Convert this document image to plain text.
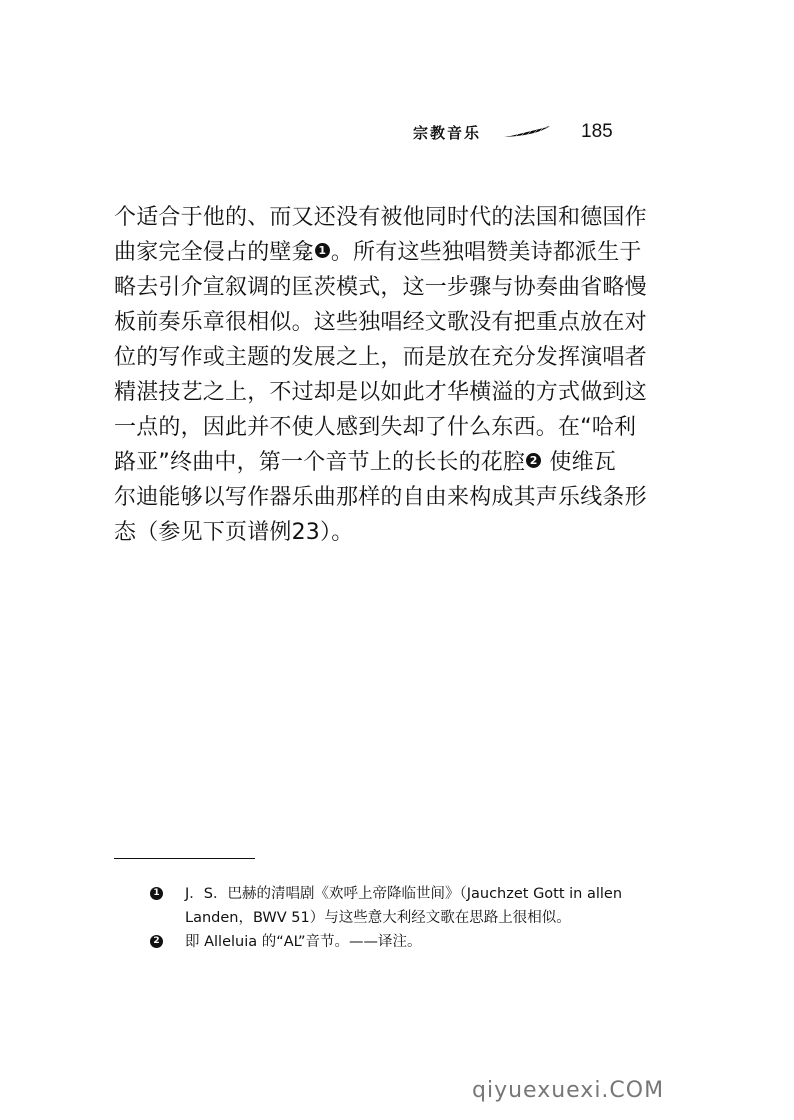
宗教音乐	185

个适合于他的、而又还没有被他同时代的法国和德国作

曲家完全侵占的壁龛 1 。所有这些独唱赞美诗都派生于

略去引介宣叙调的匡茨模式，这一步骤与协奏曲省略慢

板前奏乐章很相似。这些独唱经文歌没有把重点放在对

位的写作或主题的发展之上，而是放在充分发挥演唱者

精湛技艺之上，不过却是以如此才华横溢的方式做到这

一点的，因此并不使人感到失却了什么东西。在“哈利

路亚”终曲中，第一个音节上的长长的花腔 2 使维瓦

尔迪能够以写作器乐曲那样的自由来构成其声乐线条形

态（参见下页谱例23）。

1 J．S．巴赫的清唱剧《欢呼上帝降临世间》（Jauchzet Gott in allen Landen，BWV 51）与这些意大利经文歌在思路上很相似。
2 即 Alleluia 的“AL”音节。——译注。
qiyuexuexi.COM
